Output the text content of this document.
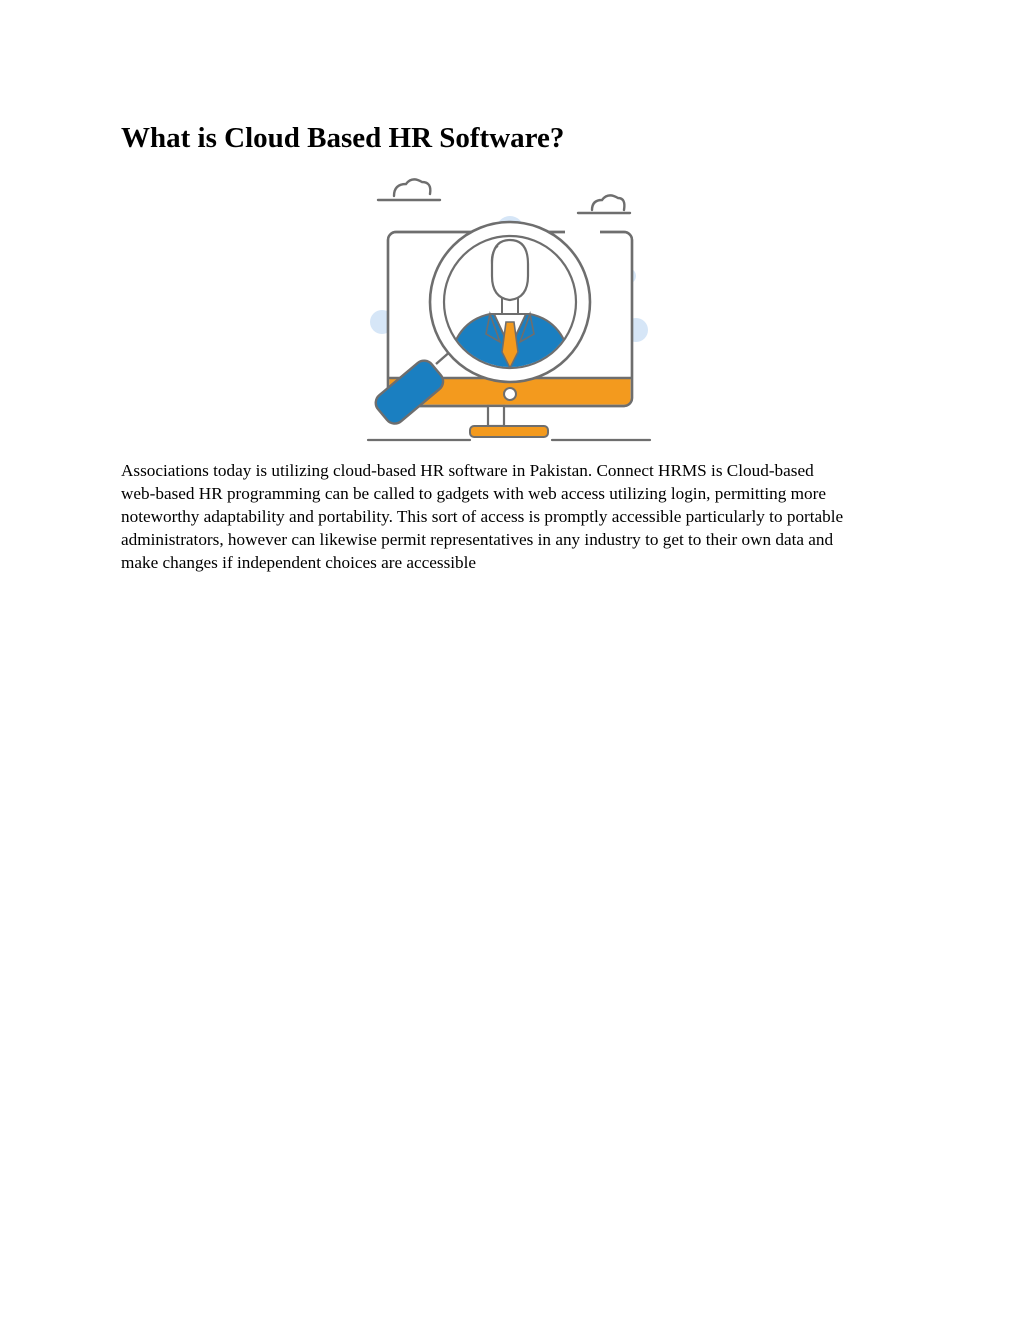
What is Cloud Based HR Software?
Associations today is utilizing cloud-based HR software in Pakistan. Connect HRMS is Cloud-based
web-based HR programming can be called to gadgets with web access utilizing login, permitting more
noteworthy adaptability and portability. This sort of access is promptly accessible particularly to portable
administrators, however can likewise permit representatives in any industry to get to their own data and
make changes if independent choices are accessible
